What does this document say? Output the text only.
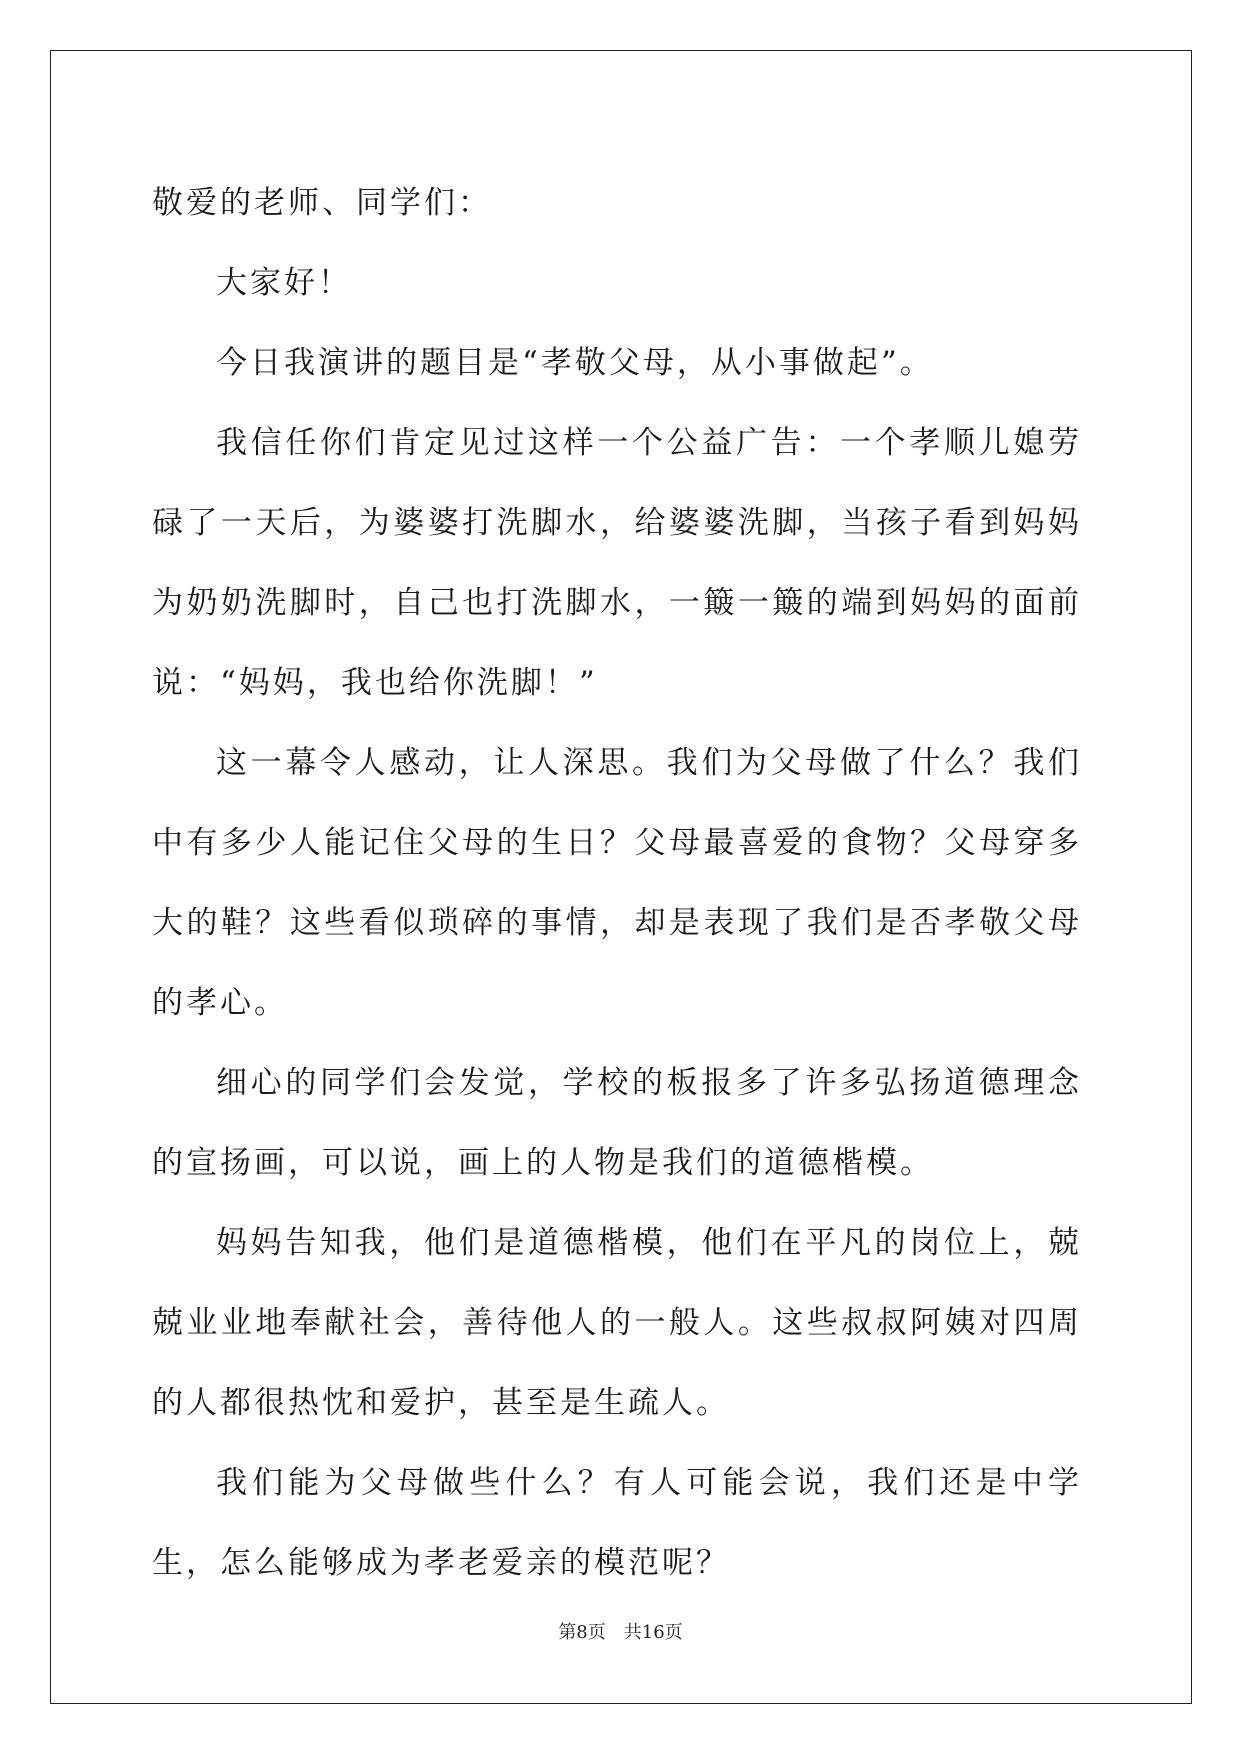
敬爱的老师、同学们：

大家好！

今日我演讲的题目是“孝敬父母，从小事做起”。

我信任你们肯定见过这样一个公益广告：一个孝顺儿媳劳碌了一天后，为婆婆打洗脚水，给婆婆洗脚，当孩子看到妈妈为奶奶洗脚时，自己也打洗脚水，一簸一簸的端到妈妈的面前说：“妈妈，我也给你洗脚！”

这一幕令人感动，让人深思。我们为父母做了什么？我们中有多少人能记住父母的生日？父母最喜爱的食物？父母穿多大的鞋？这些看似琐碎的事情，却是表现了我们是否孝敬父母的孝心。

细心的同学们会发觉，学校的板报多了许多弘扬道德理念的宣扬画，可以说，画上的人物是我们的道德楷模。

妈妈告知我，他们是道德楷模，他们在平凡的岗位上，兢兢业业地奉献社会，善待他人的一般人。这些叔叔阿姨对四周的人都很热忱和爱护，甚至是生疏人。

我们能为父母做些什么？有人可能会说，我们还是中学生，怎么能够成为孝老爱亲的模范呢？

第8页 共16页
